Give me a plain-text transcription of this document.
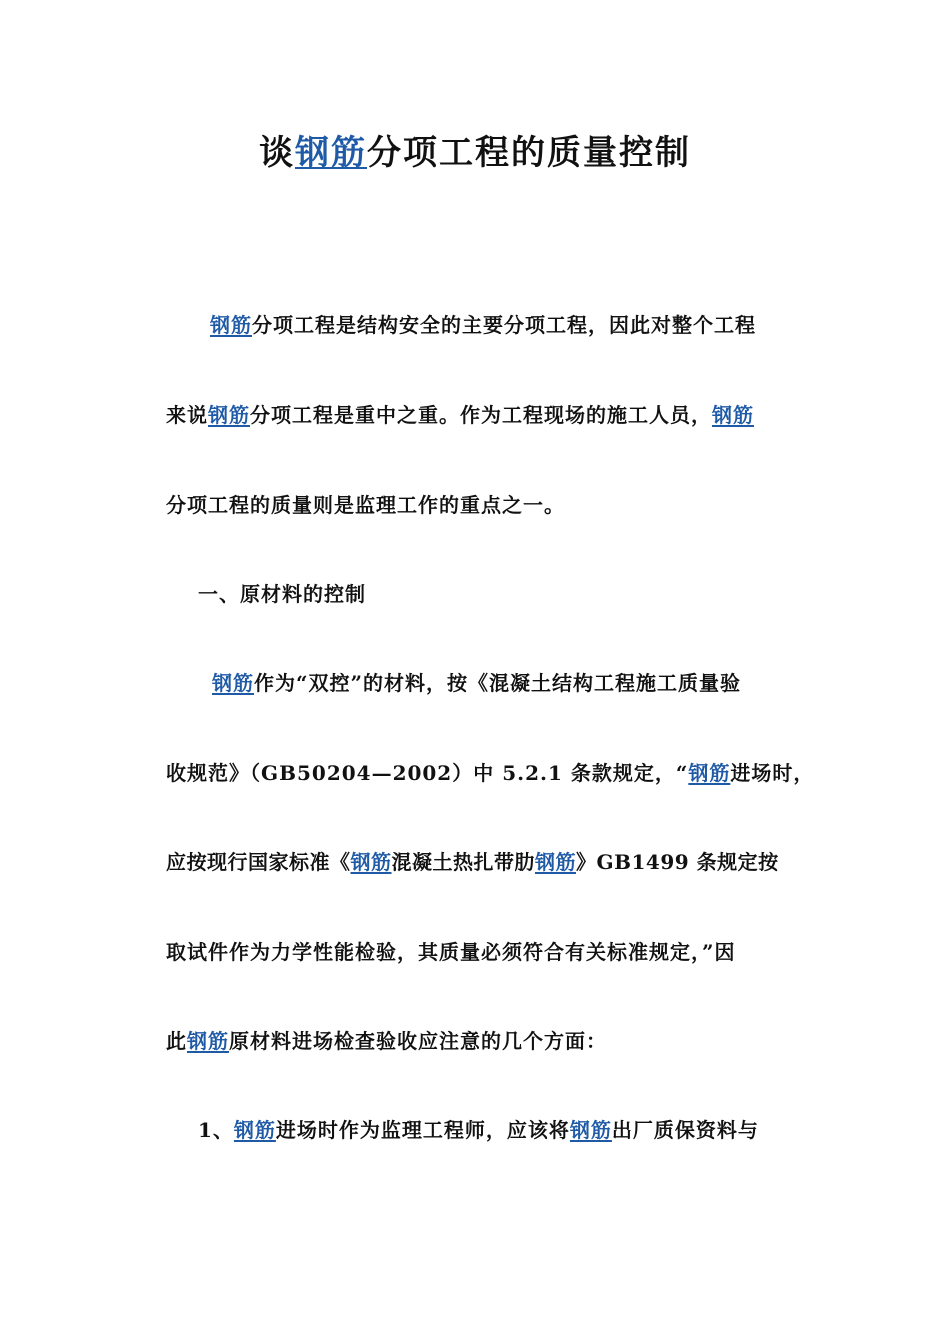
谈钢筋分项工程的质量控制
钢筋分项工程是结构安全的主要分项工程，因此对整个工程
来说钢筋分项工程是重中之重。作为工程现场的施工人员，钢筋
分项工程的质量则是监理工作的重点之一。
一、原材料的控制
钢筋作为“双控”的材料，按《混凝土结构工程施工质量验
收规范》（GB50204—2002）中 5.2.1 条款规定，“钢筋进场时，
应按现行国家标准《钢筋混凝土热扎带肋钢筋》GB1499 条规定按
取试件作为力学性能检验，其质量必须符合有关标准规定，”因
此钢筋原材料进场检查验收应注意的几个方面：
1、钢筋进场时作为监理工程师，应该将钢筋出厂质保资料与
